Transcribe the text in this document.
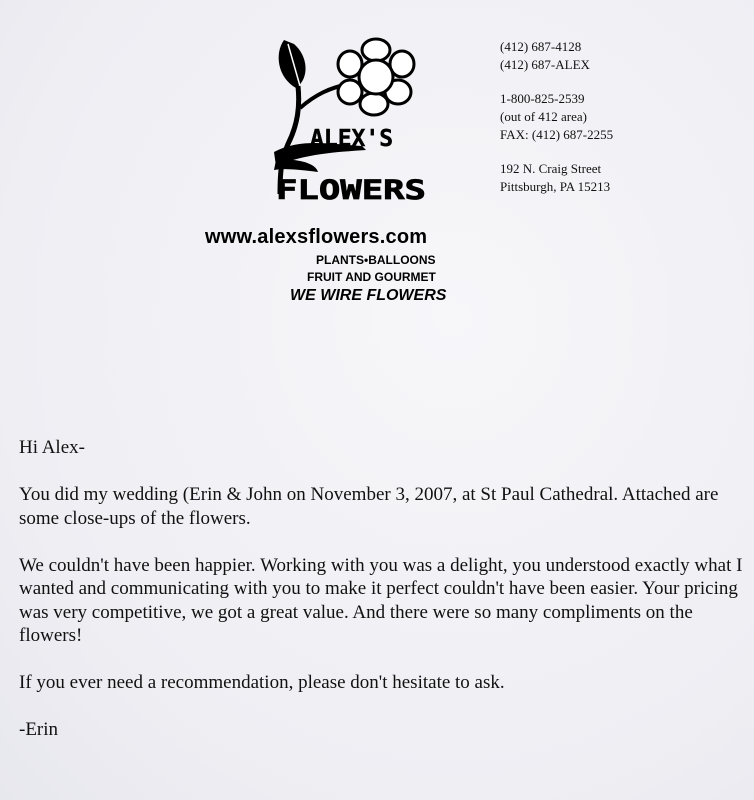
ALEX'S
FLOWERS
(412) 687-4128
(412) 687-ALEX
1-800-825-2539
(out of 412 area)
FAX: (412) 687-2255
192 N. Craig Street
Pittsburgh, PA 15213
www.alexsflowers.com
PLANTS•BALLOONS
FRUIT AND GOURMET
WE WIRE FLOWERS

Hi Alex-

You did my wedding (Erin & John on November 3, 2007, at St Paul Cathedral. Attached are some close-ups of the flowers.

We couldn't have been happier. Working with you was a delight, you understood exactly what I wanted and communicating with you to make it perfect couldn't have been easier. Your pricing was very competitive, we got a great value. And there were so many compliments on the flowers!

If you ever need a recommendation, please don't hesitate to ask.

-Erin
